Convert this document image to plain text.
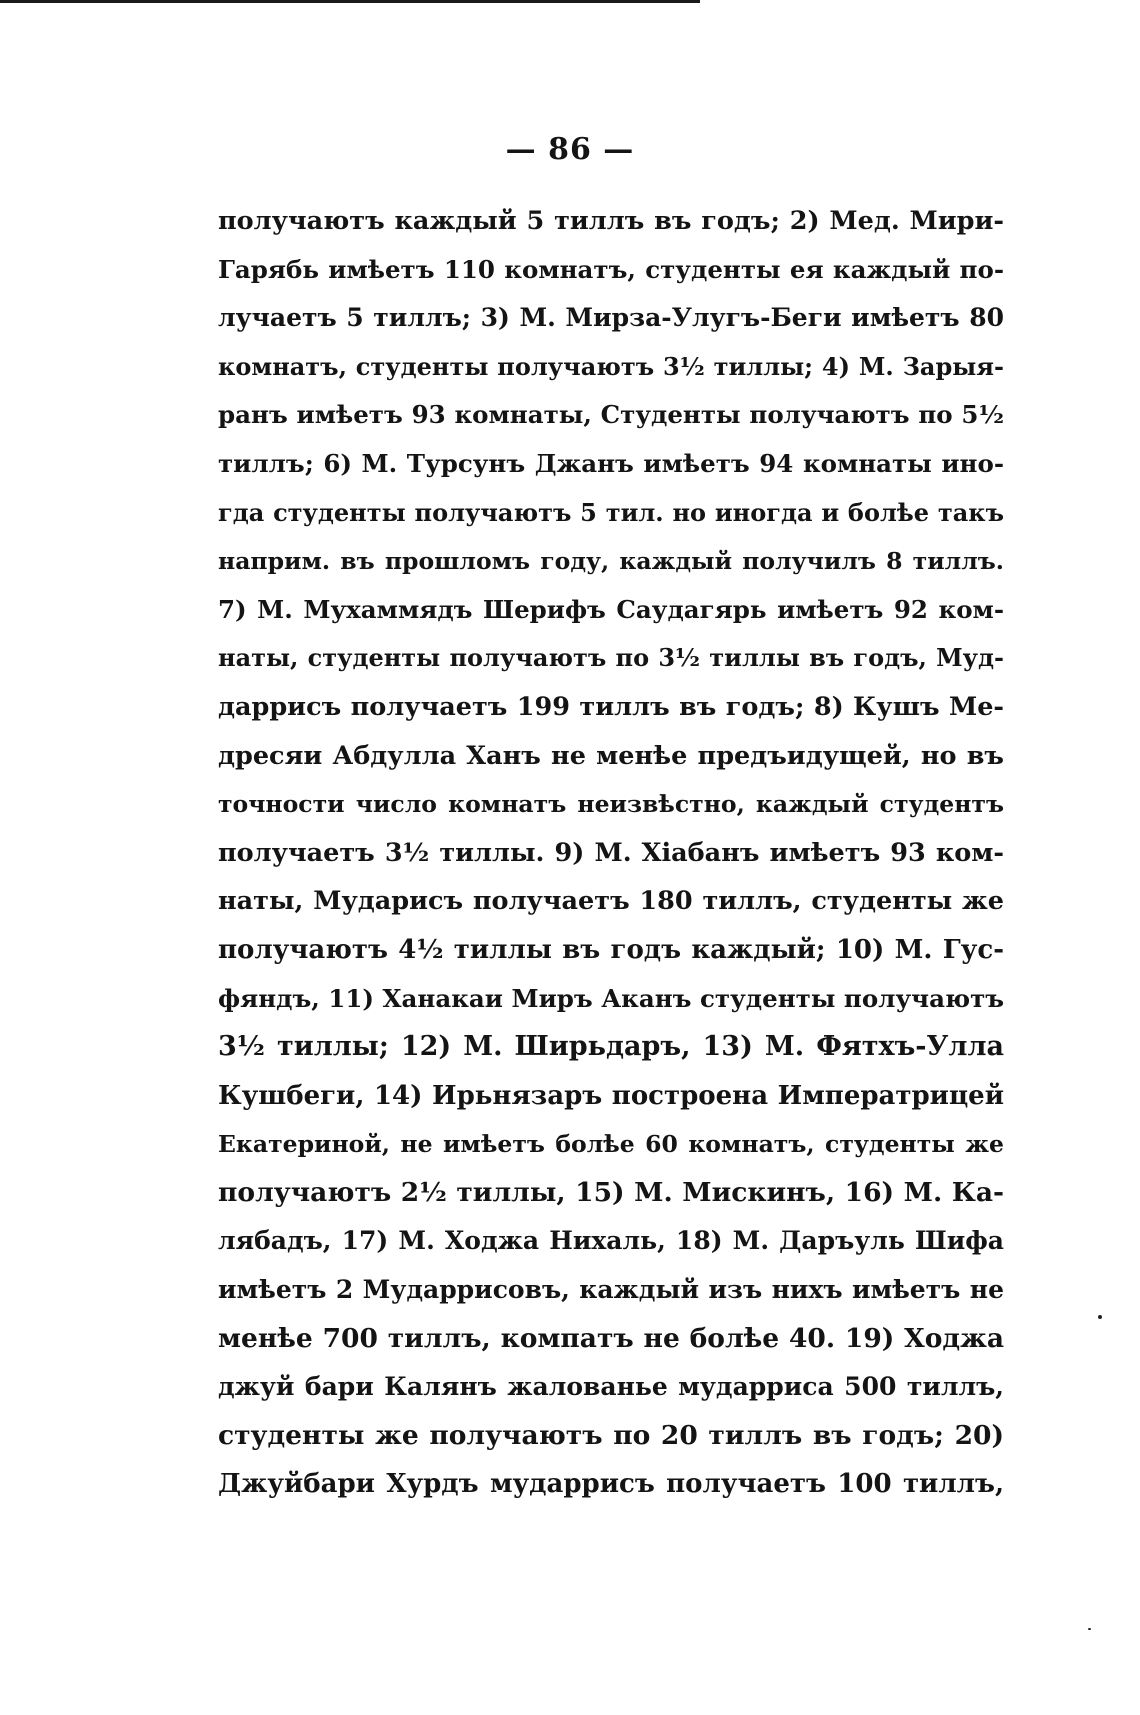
— 86 —
получаютъ каждый 5 тиллъ въ годъ; 2) Мед. Мири-
Гарябь имѣетъ 110 комнатъ, студенты ея каждый по-
лучаетъ 5 тиллъ; 3) М. Мирза-Улугъ-Беги имѣетъ 80
комнатъ, студенты получаютъ 3½ тиллы; 4) М. Зарыя-
ранъ имѣетъ 93 комнаты, Студенты получаютъ по 5½
тиллъ; 6) М. Турсунъ Джанъ имѣетъ 94 комнаты ино-
гда студенты получаютъ 5 тил. но иногда и болѣе такъ
наприм. въ прошломъ году, каждый получилъ 8 тиллъ.
7) М. Мухаммядъ Шерифъ Саудагярь имѣетъ 92 ком-
наты, студенты получаютъ по 3½ тиллы въ годъ, Муд-
даррисъ получаетъ 199 тиллъ въ годъ; 8) Кушъ Ме-
дресяи Абдулла Ханъ не менѣе предъидущей, но въ
точности число комнатъ неизвѣстно, каждый студентъ
получаетъ 3½ тиллы. 9) М. Хіабанъ имѣетъ 93 ком-
наты, Мударисъ получаетъ 180 тиллъ, студенты же
получаютъ 4½ тиллы въ годъ каждый; 10) М. Гус-
фяндъ, 11) Ханакаи Миръ Аканъ студенты получаютъ
3½ тиллы; 12) М. Ширьдаръ, 13) М. Фятхъ-Улла
Кушбеги, 14) Ирьнязаръ построена Императрицей
Екатериной, не имѣетъ болѣе 60 комнатъ, студенты же
получаютъ 2½ тиллы, 15) М. Мискинъ, 16) М. Ка-
лябадъ, 17) М. Ходжа Нихаль, 18) М. Даръуль Шифа
имѣетъ 2 Мударрисовъ, каждый изъ нихъ имѣетъ не
менѣе 700 тиллъ, компатъ не болѣе 40. 19) Ходжа
джуй бари Калянъ жалованье мударриса 500 тиллъ,
студенты же получаютъ по 20 тиллъ въ годъ; 20)
Джуйбари Хурдъ мударрисъ получаетъ 100 тиллъ,
